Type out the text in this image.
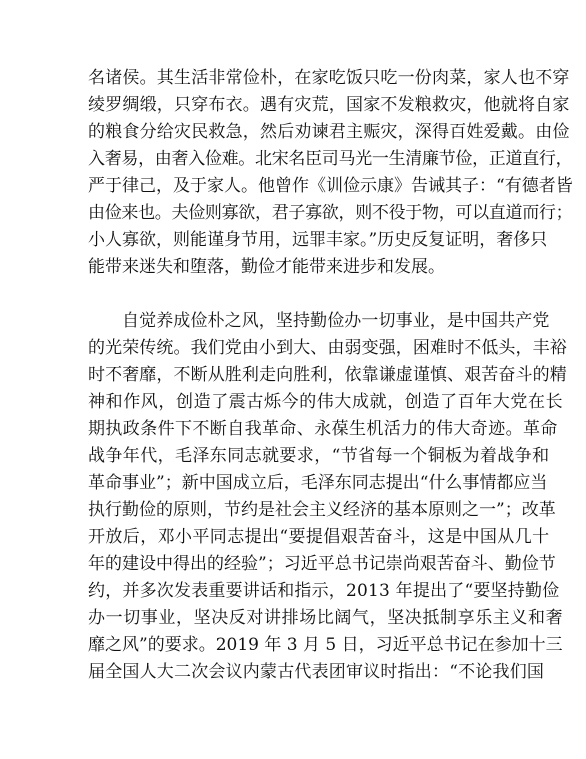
名诸侯。其生活非常俭朴，在家吃饭只吃一份肉菜，家人也不穿
绫罗绸缎，只穿布衣。遇有灾荒，国家不发粮救灾，他就将自家
的粮食分给灾民救急，然后劝谏君主赈灾，深得百姓爱戴。由俭
入奢易，由奢入俭难。北宋名臣司马光一生清廉节俭，正道直行，
严于律己，及于家人。他曾作《训俭示康》告诫其子：“有德者皆
由俭来也。夫俭则寡欲，君子寡欲，则不役于物，可以直道而行；
小人寡欲，则能谨身节用，远罪丰家。”历史反复证明，奢侈只
能带来迷失和堕落，勤俭才能带来进步和发展。
自觉养成俭朴之风，坚持勤俭办一切事业，是中国共产党
的光荣传统。我们党由小到大、由弱变强，困难时不低头，丰裕
时不奢靡，不断从胜利走向胜利，依靠谦虚谨慎、艰苦奋斗的精
神和作风，创造了震古烁今的伟大成就，创造了百年大党在长
期执政条件下不断自我革命、永葆生机活力的伟大奇迹。革命
战争年代，毛泽东同志就要求，“节省每一个铜板为着战争和
革命事业”；新中国成立后，毛泽东同志提出“什么事情都应当
执行勤俭的原则，节约是社会主义经济的基本原则之一”；改革
开放后，邓小平同志提出“要提倡艰苦奋斗，这是中国从几十
年的建设中得出的经验”；习近平总书记崇尚艰苦奋斗、勤俭节
约，并多次发表重要讲话和指示，2013 年提出了“要坚持勤俭
办一切事业，坚决反对讲排场比阔气，坚决抵制享乐主义和奢
靡之风”的要求。2019 年 3 月 5 日，习近平总书记在参加十三
届全国人大二次会议内蒙古代表团审议时指出：“不论我们国
